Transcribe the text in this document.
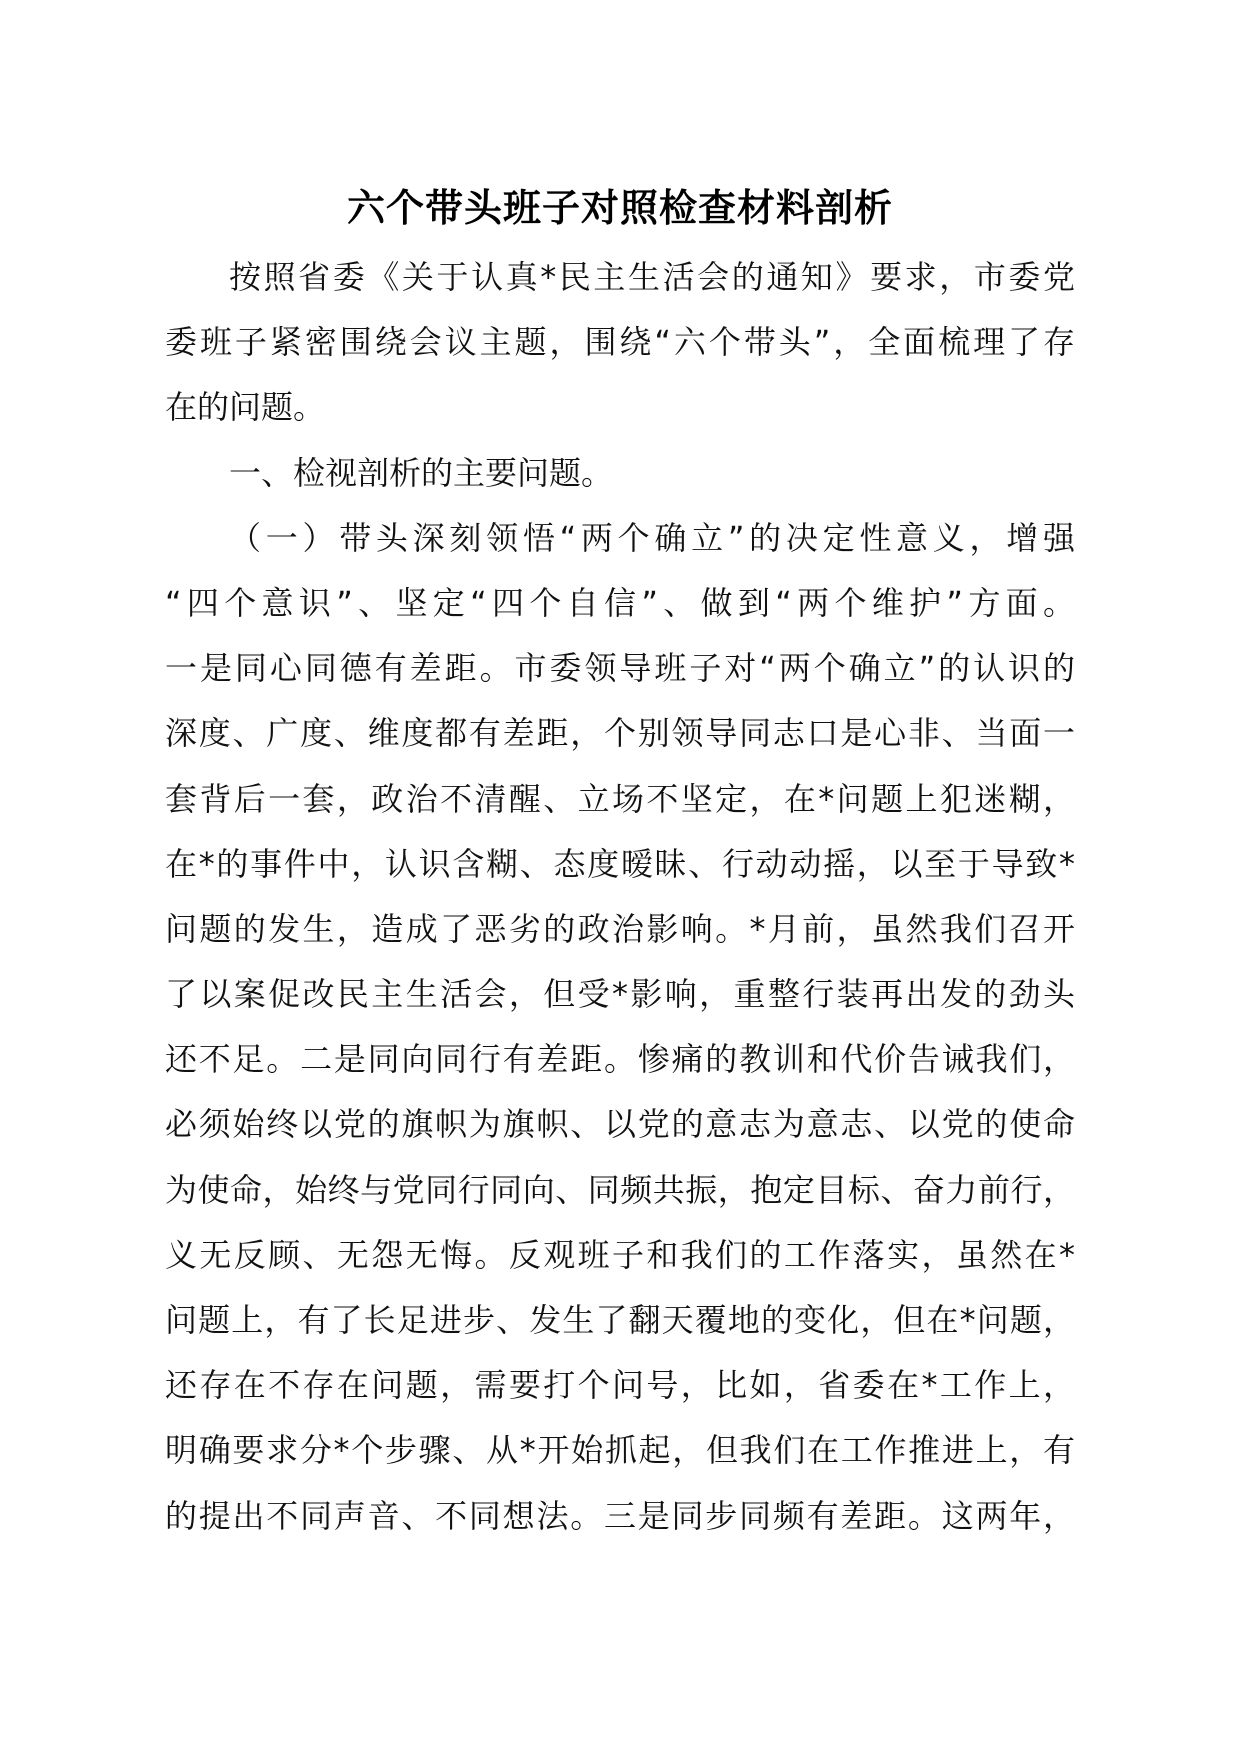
六个带头班子对照检查材料剖析
按照省委《关于认真*民主生活会的通知》要求，市委党
委班子紧密围绕会议主题，围绕“六个带头”，全面梳理了存
在的问题。
一、检视剖析的主要问题。
（一）带头深刻领悟“两个确立”的决定性意义，增强
“四个意识”、坚定“四个自信”、做到“两个维护”方面。
一是同心同德有差距。市委领导班子对“两个确立”的认识的
深度、广度、维度都有差距，个别领导同志口是心非、当面一
套背后一套，政治不清醒、立场不坚定，在*问题上犯迷糊，
在*的事件中，认识含糊、态度暧昧、行动动摇，以至于导致*
问题的发生，造成了恶劣的政治影响。*月前，虽然我们召开
了以案促改民主生活会，但受*影响，重整行装再出发的劲头
还不足。二是同向同行有差距。惨痛的教训和代价告诫我们，
必须始终以党的旗帜为旗帜、以党的意志为意志、以党的使命
为使命，始终与党同行同向、同频共振，抱定目标、奋力前行，
义无反顾、无怨无悔。反观班子和我们的工作落实，虽然在*
问题上，有了长足进步、发生了翻天覆地的变化，但在*问题，
还存在不存在问题，需要打个问号，比如，省委在*工作上，
明确要求分*个步骤、从*开始抓起，但我们在工作推进上，有
的提出不同声音、不同想法。三是同步同频有差距。这两年，
